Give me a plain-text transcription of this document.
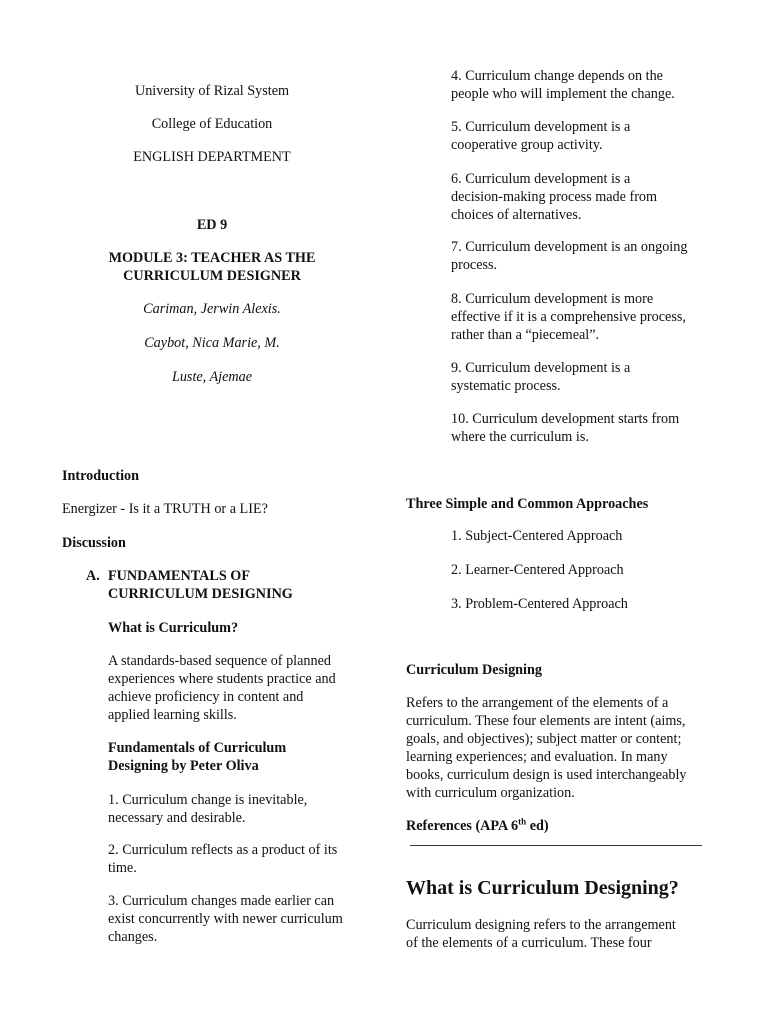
University of Rizal System
College of Education
ENGLISH DEPARTMENT
ED 9
MODULE 3: TEACHER AS THE
CURRICULUM DESIGNER
Cariman, Jerwin Alexis.
Caybot, Nica Marie, M.
Luste, Ajemae
Introduction
Energizer - Is it a TRUTH or a LIE?
Discussion
A. FUNDAMENTALS OF
CURRICULUM DESIGNING
What is Curriculum?
A standards-based sequence of planned
experiences where students practice and
achieve proficiency in content and
applied learning skills.
Fundamentals of Curriculum
Designing by Peter Oliva
1. Curriculum change is inevitable,
necessary and desirable.
2. Curriculum reflects as a product of its
time.
3. Curriculum changes made earlier can
exist concurrently with newer curriculum
changes.
4. Curriculum change depends on the
people who will implement the change.
5. Curriculum development is a
cooperative group activity.
6. Curriculum development is a
decision-making process made from
choices of alternatives.
7. Curriculum development is an ongoing
process.
8. Curriculum development is more
effective if it is a comprehensive process,
rather than a “piecemeal”.
9. Curriculum development is a
systematic process.
10. Curriculum development starts from
where the curriculum is.
Three Simple and Common Approaches
1. Subject-Centered Approach
2. Learner-Centered Approach
3. Problem-Centered Approach
Curriculum Designing
Refers to the arrangement of the elements of a
curriculum. These four elements are intent (aims,
goals, and objectives); subject matter or content;
learning experiences; and evaluation. In many
books, curriculum design is used interchangeably
with curriculum organization.
References (APA 6th ed)
What is Curriculum Designing?
Curriculum designing refers to the arrangement
of the elements of a curriculum. These four
